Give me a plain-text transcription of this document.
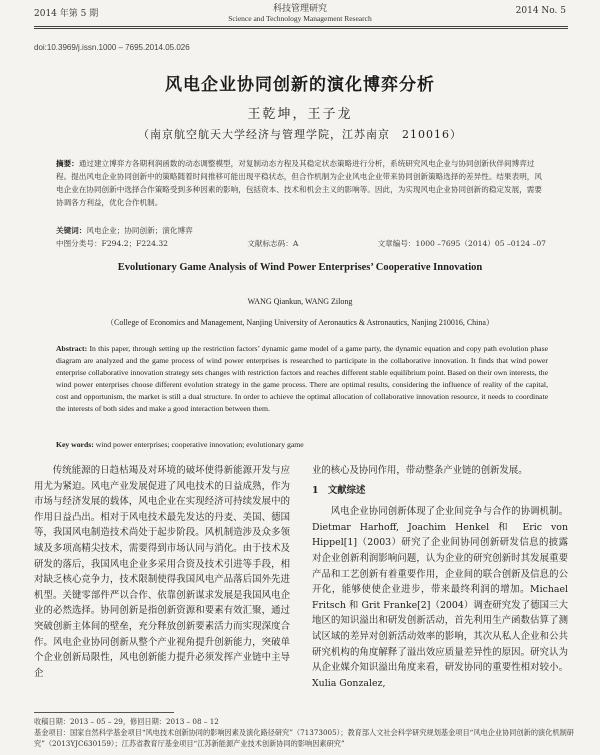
2014 年第 5 期	科技管理研究
Science and Technology Management Research
2014 No. 5
doi:10.3969/j.issn.1000 – 7695.2014.05.026
风电企业协同创新的演化博弈分析
王乾坤，王子龙
（南京航空航天大学经济与管理学院，江苏南京　210016）
摘要：通过建立博弈方各期利润函数的动态调整模型，对复制动态方程及其稳定状态策略进行分析，系统研究风电企业与协同创新伙伴间博弈过程。提出风电企业协同创新中的策略随着时间推移可能出现平稳状态，但合作机制为企业风电企业带来协同创新策略选择的差异性。结果表明，风电企业在协同创新中选择合作策略受到多种因素的影响，包括资本、技术和机会主义的影响等。因此，为实现风电企业协同创新的稳定发展，需要协调各方利益，优化合作机制。
关键词：风电企业；协同创新；演化博弈
中图分类号：F294.2；F224.32	文献标志码：A	文章编号：1000 –7695（2014）05 –0124 –07
Evolutionary Game Analysis of Wind Power Enterprises’ Cooperative Innovation
WANG Qiankun, WANG Zilong
（College of Economics and Management, Nanjing University of Aeronautics & Astronautics, Nanjing 210016, China）
Abstract: In this paper, through setting up the restriction factors’ dynamic game model of a game party, the dynamic equation and copy path evolution phase diagram are analyzed and the game process of wind power enterprises is researched to participate in the collaborative innovation. It finds that wind power enterprise collaborative innovation strategy sets changes with restriction factors and reaches different stable equilibrium point. Based on their own interests, the wind power enterprises choose different evolution strategy in the game process. There are optimal results, considering the influence of reality of the capital, cost and opportunism, the market is still a dual structure. In order to achieve the optimal allocation of collaborative innovation resource, it needs to coordinate the interests of both sides and make a good interaction between them.
Key words: wind power enterprises; cooperative innovation; evolutionary game
传统能源的日趋枯竭及对环境的破坏使得新能源开发与应用尤为紧迫。风电产业发展促进了风电技术的日益成熟，作为市场与经济发展的载体，风电企业在实现经济可持续发展中的作用日益凸出。相对于风电技术最先发达的丹麦、美国、德国等，我国风电制造技术尚处于起步阶段。风机制造涉及众多领域及多项高精尖技术，需要得到市场认同与消化。由于技术及研发的落后，我国风电企业多采用合资及技术引进等手段，相对缺乏核心竞争力，技术限制使得我国风电产品落后国外先进机型。关键零部件严以合作、依靠创新谋求发展是我国风电企业的必然选择。协同创新是指创新资源和要素有效汇聚，通过突破创新主体间的壁垒，充分释放创新要素活力而实现深度合作。风电企业协同创新从整个产业视角提升创新能力，突破单个企业创新局限性，风电创新能力提升必须发挥产业链中主导企

业的核心及协同作用，带动整条产业链的创新发展。

1　文献综述

风电企业协同创新体现了企业间竞争与合作的协调机制。Dietmar Harhoff, Joachim Henkel 和 Eric von Hippel[1]（2003）研究了企业间协同创新研发信息的披露对企业创新利润影响问题，认为企业的研究创新时其发展重要产品和工艺创新有着重要作用，企业间的联合创新及信息的公开化，能够使使企业进步，带来最终利润的增加。Michael Fritsch 和 Grit Franke[2]（2004）调查研究发了德国三大地区的知识溢出和研发创新活动，首先利用生产函数估算了测试区域的差异对创新活动效率的影响，其次从私人企业和公共研究机构的角度解释了溢出效应质量差异性的原因。研究认为从企业媒介知识溢出角度来看，研发协同的重要性相对较小。Xulia Gonzalez,

收稿日期：2013 – 05 – 29，修回日期：2013 – 08 – 12
基金项目：国家自然科学基金项目“风电技术创新协同的影响因素及演化路径研究”（71373005）；教育部人文社会科学研究规划基金项目“风电企业协同创新的演化机制研究”（2013YJC630159）；江苏省教育厅基金项目“江苏新能源产业技术创新协同的影响因素研究”
